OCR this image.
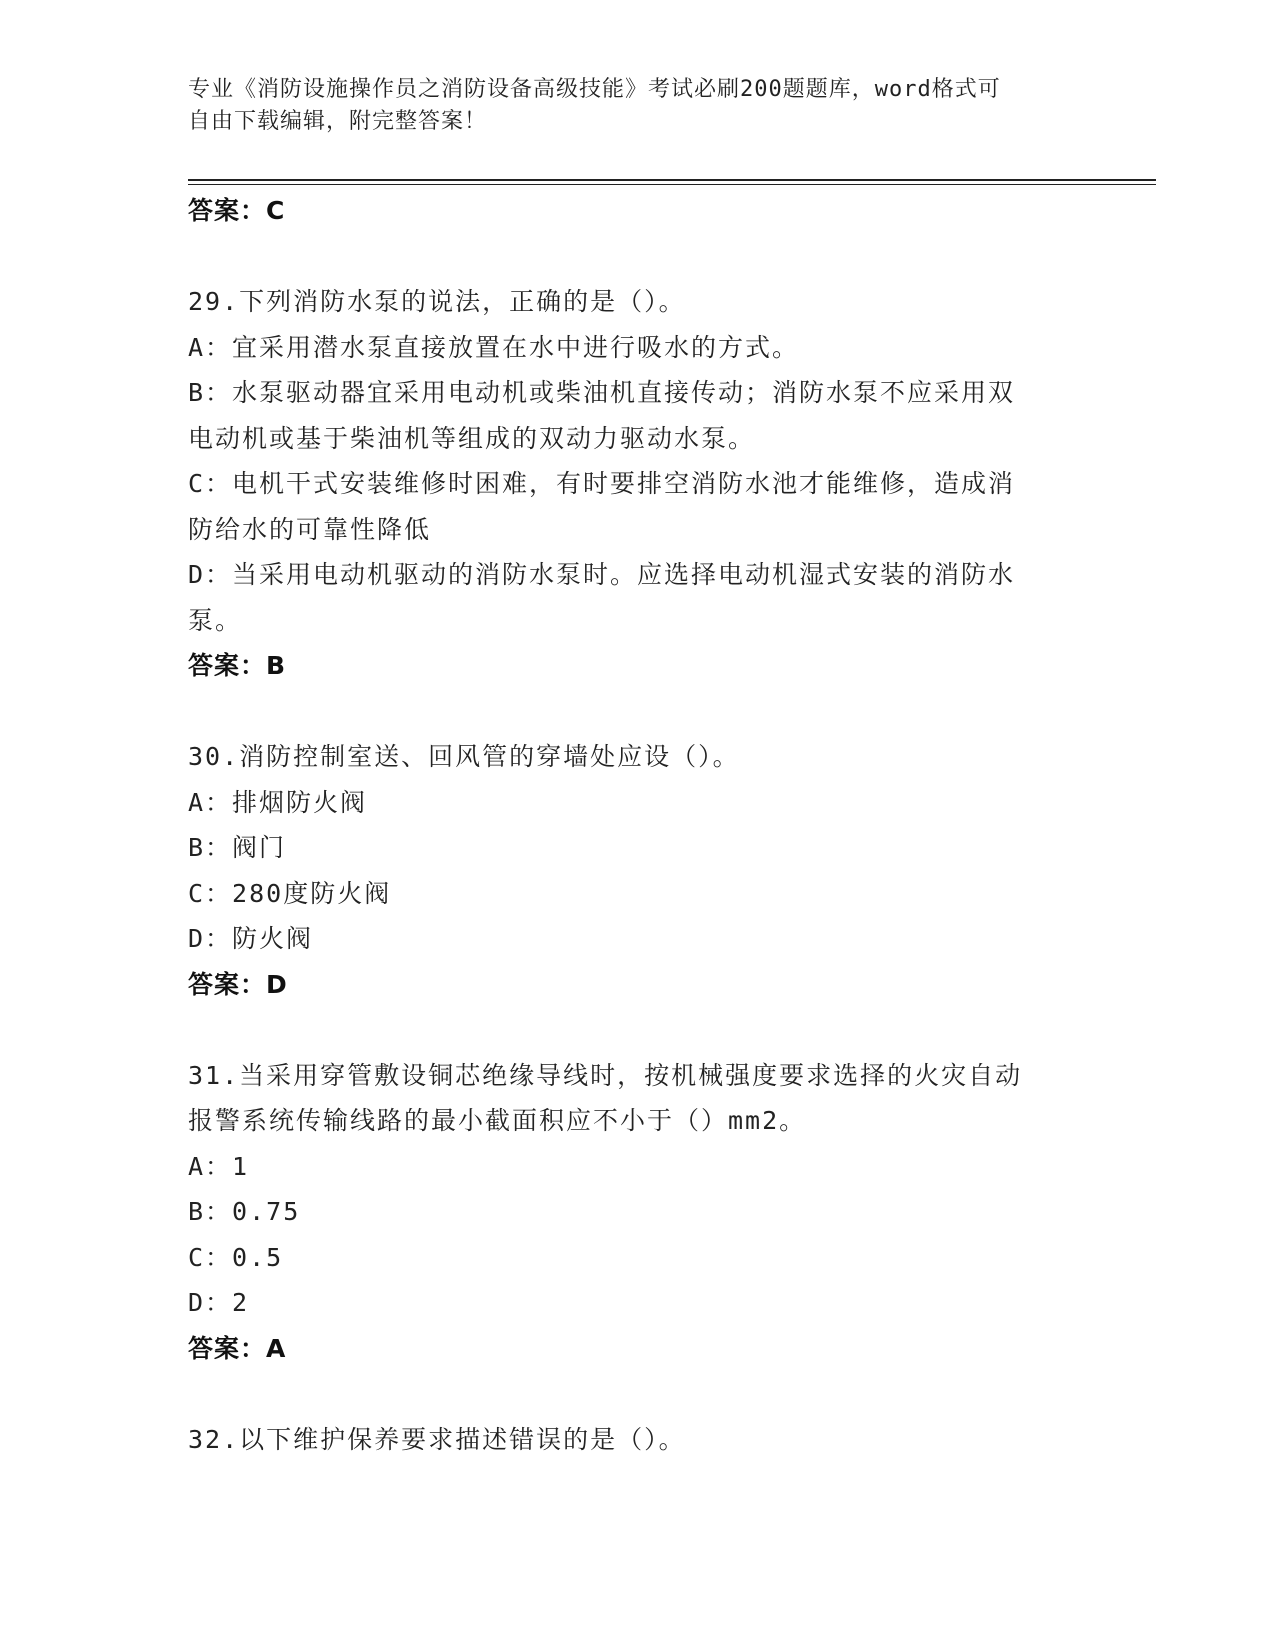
专业《消防设施操作员之消防设备高级技能》考试必刷200题题库，word格式可
自由下载编辑，附完整答案！
答案：C
29.下列消防水泵的说法，正确的是（）。
A：宜采用潜水泵直接放置在水中进行吸水的方式。
B：水泵驱动器宜采用电动机或柴油机直接传动；消防水泵不应采用双
电动机或基于柴油机等组成的双动力驱动水泵。
C：电机干式安装维修时困难，有时要排空消防水池才能维修，造成消
防给水的可靠性降低
D：当采用电动机驱动的消防水泵时。应选择电动机湿式安装的消防水
泵。
答案：B
30.消防控制室送、回风管的穿墙处应设（）。
A：排烟防火阀
B：阀门
C：280度防火阀
D：防火阀
答案：D
31.当采用穿管敷设铜芯绝缘导线时，按机械强度要求选择的火灾自动
报警系统传输线路的最小截面积应不小于（）mm2。
A：1
B：0.75
C：0.5
D：2
答案：A
32.以下维护保养要求描述错误的是（）。
